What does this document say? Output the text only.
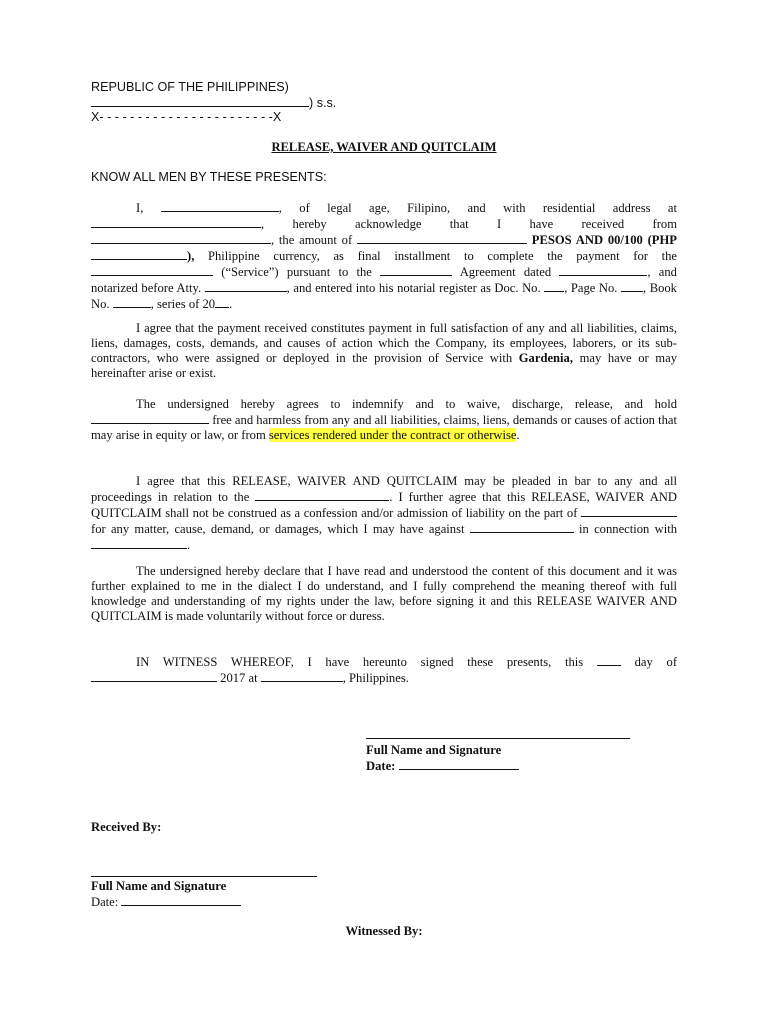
REPUBLIC OF THE PHILIPPINES)
) s.s.
X- - - - - - - - - - - - - - - - - - - - - - -X
RELEASE, WAIVER AND QUITCLAIM
KNOW ALL MEN BY THESE PRESENTS:
I,	, of legal age, Filipino, and with residential address at , hereby acknowledge that I have received from , the amount of	PESOS AND 00/100 (PHP), Philippine currency, as final installment to complete the payment for the  (“Service”) pursuant to the	Agreement dated	, and notarized before Atty.	, and entered into his notarial register as Doc. No. , Page No. , Book No.	, series of 20 .
I agree that the payment received constitutes payment in full satisfaction of any and all liabilities, claims, liens, damages, costs, demands, and causes of action which the Company, its employees, laborers, or its sub-contractors, who were assigned or deployed in the provision of Service with Gardenia, may have or may hereinafter arise or exist.
The undersigned hereby agrees to indemnify and to waive, discharge, release, and hold  free and harmless from any and all liabilities, claims, liens, demands or causes of action that may arise in equity or law, or from services rendered under the contract or otherwise.
I agree that this RELEASE, WAIVER AND QUITCLAIM may be pleaded in bar to any and all proceedings in relation to the	. I further agree that this RELEASE, WAIVER AND QUITCLAIM shall not be construed as a confession and/or admission of liability on the part of  for any matter, cause, demand, or damages, which I may have against	in connection with .
The undersigned hereby declare that I have read and understood the content of this document and it was further explained to me in the dialect I do understand, and I fully comprehend the meaning thereof with full knowledge and understanding of my rights under the law, before signing it and this RELEASE WAIVER AND QUITCLAIM is made voluntarily without force or duress.
IN WITNESS WHEREOF, I have hereunto signed these presents, this	day of  2017 at	, Philippines.
Full Name and Signature
Date:
Received By:
Full Name and Signature
Date:
Witnessed By:
